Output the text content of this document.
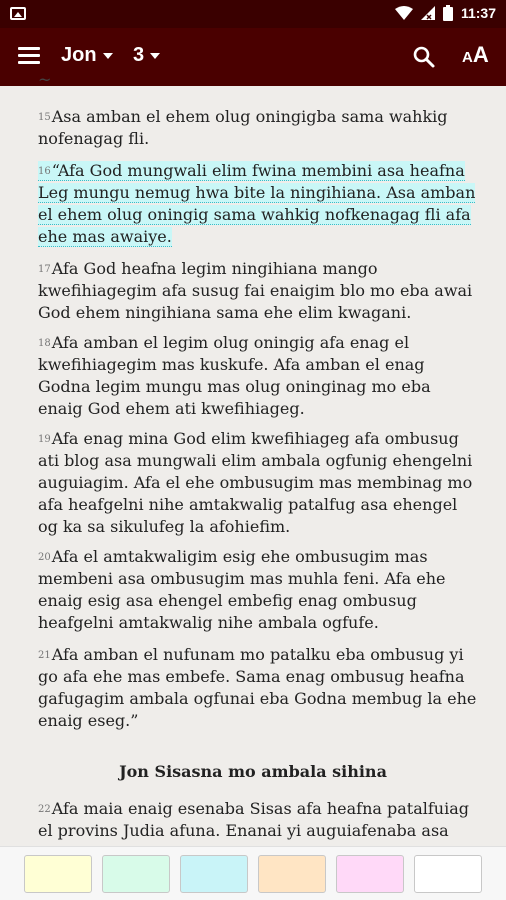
11:37
Jon 3	A A
~

$^{15}$Asa amban el ehem olug oningigba sama wahkig nofenagag fli.

$^{16}$“Afa God mungwali elim fwina membini asa heafna Leg mungu nemug hwa bite la ningihiana. Asa amban el ehem olug oningig sama wahkig nofkenagag fli afa ehe mas awaiye.

$^{17}$Afa God heafna legim ningihiana mango kwefihiagegim afa susug fai enaigim blo mo eba awai God ehem ningihiana sama ehe elim kwagani.

$^{18}$Afa amban el legim olug oningig afa enag el kwefihiagegim mas kuskufe. Afa amban el enag Godna legim mungu mas olug oninginag mo eba enaig God ehem ati kwefihiageg.

$^{19}$Afa enag mina God elim kwefihiageg afa ombusug ati blog asa mungwali elim ambala ogfunig ehengelni auguiagim. Afa el ehe ombusugim mas membinag mo afa heafgelni nihe amtakwalig patalfug asa ehengel og ka sa sikulufeg la afohiefim.

$^{20}$Afa el amtakwaligim esig ehe ombusugim mas membeni asa ombusugim mas muhla feni. Afa ehe enaig esig asa ehengel embefig enag ombusug heafgelni amtakwalig nihe ambala ogfufe.

$^{21}$Afa amban el nufunam mo patalku eba ombusug yi go afa ehe mas embefe. Sama enag ombusug heafna gafugagim ambala ogfunai eba Godna membug la ehe enaig eseg.”

Jon Sisasna mo ambala sihina

$^{22}$Afa maia enaig esenaba Sisas afa heafna patalfuiag el provins Judia afuna. Enanai yi auguiafenaba asa
